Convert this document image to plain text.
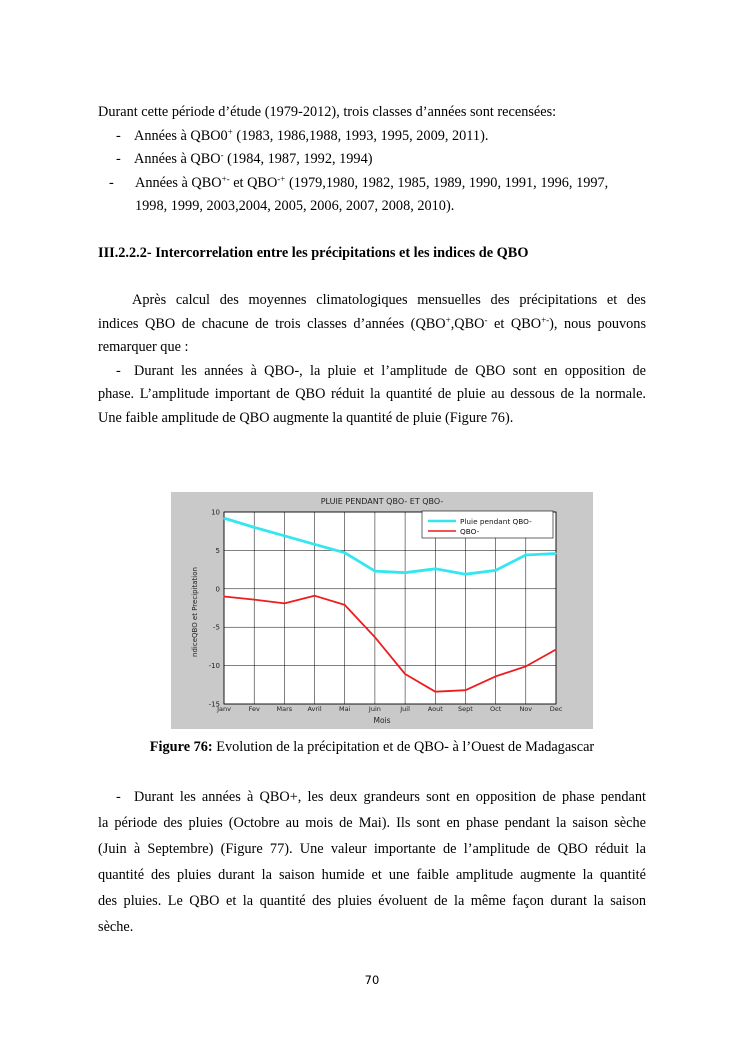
Durant cette période d’étude (1979-2012), trois classes d’années sont recensées:
- Années à QBO0+ (1983, 1986,1988, 1993, 1995, 2009, 2011).
- Années à QBO- (1984, 1987, 1992, 1994)
- Années à QBO+- et QBO-+ (1979,1980, 1982, 1985, 1989, 1990, 1991, 1996, 1997,
1998, 1999, 2003,2004, 2005, 2006, 2007, 2008, 2010).
III.2.2.2- Intercorrelation entre les précipitations et les indices de QBO
Après calcul des moyennes climatologiques mensuelles des précipitations et des
indices QBO de chacune de trois classes d’années (QBO+,QBO- et QBO+-), nous pouvons
remarquer que :
- Durant les années à QBO-, la pluie et l’amplitude de QBO sont en opposition de
phase. L’amplitude important de QBO réduit la quantité de pluie au dessous de la normale.
Une faible amplitude de QBO augmente la quantité de pluie (Figure 76).
10
5
0
-5
-10
-15
Janv	Fev	Mars Avril	Mai	Juin	Juil	Aout Sept	Oct	Nov	Dec
PLUIE PENDANT QBO- ET QBO-
Mois
ndiceQBO et Precipitation
Pluie pendant QBO-
QBO-
Figure 76: Evolution de la précipitation et de QBO- à l’Ouest de Madagascar
- Durant les années à QBO+, les deux grandeurs sont en opposition de phase pendant
la période des pluies (Octobre au mois de Mai). Ils sont en phase pendant la saison sèche
(Juin à Septembre) (Figure 77). Une valeur importante de l’amplitude de QBO réduit la
quantité des pluies durant la saison humide et une faible amplitude augmente la quantité
des pluies. Le QBO et la quantité des pluies évoluent de la même façon durant la saison
sèche.
70
